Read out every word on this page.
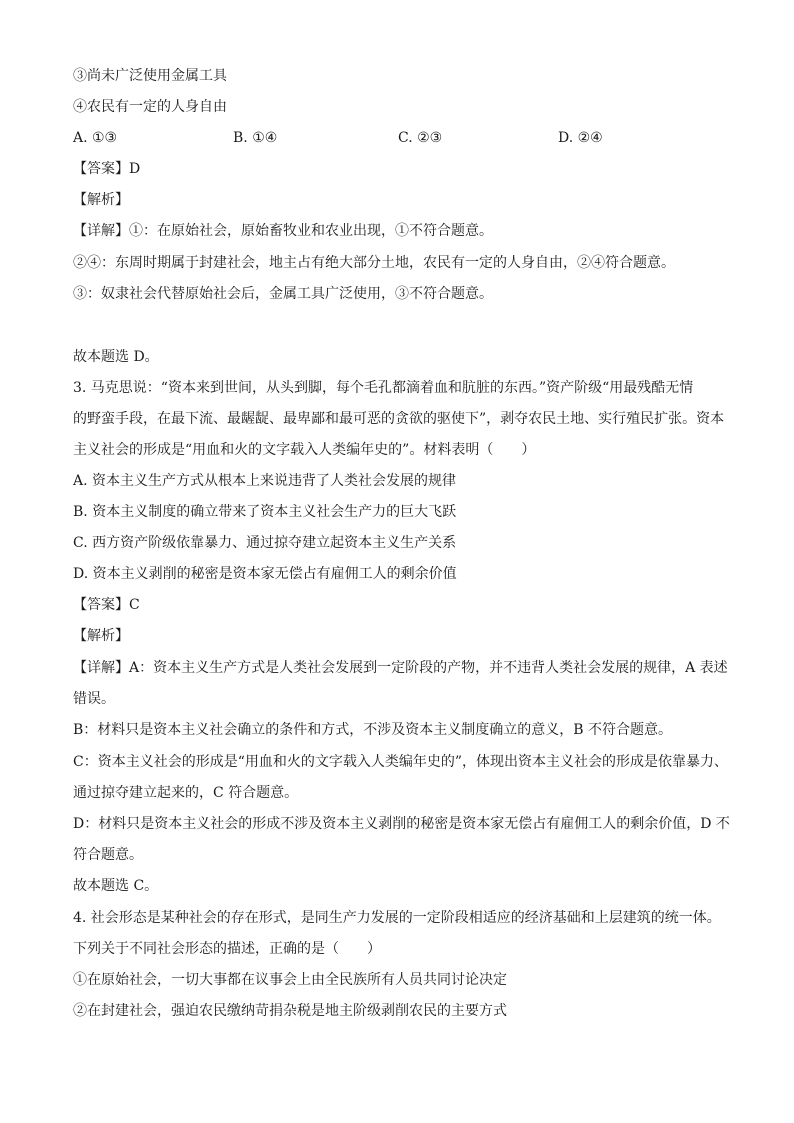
③尚未广泛使用金属工具
④农民有一定的人身自由
A. ①③	B. ①④	C. ②③	D. ②④
【答案】D
【解析】
【详解】①：在原始社会，原始畜牧业和农业出现，①不符合题意。
②④：东周时期属于封建社会，地主占有绝大部分土地，农民有一定的人身自由，②④符合题意。
③：奴隶社会代替原始社会后，金属工具广泛使用，③不符合题意。
故本题选 D。
3. 马克思说：“资本来到世间，从头到脚，每个毛孔都滴着血和肮脏的东西。”资产阶级“用最残酷无情
的野蛮手段，在最下流、最龌龊、最卑鄙和最可恶的贪欲的驱使下”，剥夺农民土地、实行殖民扩张。资本
主义社会的形成是“用血和火的文字载入人类编年史的”。材料表明（　　）
A. 资本主义生产方式从根本上来说违背了人类社会发展的规律
B. 资本主义制度的确立带来了资本主义社会生产力的巨大飞跃
C. 西方资产阶级依靠暴力、通过掠夺建立起资本主义生产关系
D. 资本主义剥削的秘密是资本家无偿占有雇佣工人的剩余价值
【答案】C
【解析】
【详解】A：资本主义生产方式是人类社会发展到一定阶段的产物，并不违背人类社会发展的规律，A 表述
错误。
B：材料只是资本主义社会确立的条件和方式，不涉及资本主义制度确立的意义，B 不符合题意。
C：资本主义社会的形成是“用血和火的文字载入人类编年史的”，体现出资本主义社会的形成是依靠暴力、
通过掠夺建立起来的，C 符合题意。
D：材料只是资本主义社会的形成不涉及资本主义剥削的秘密是资本家无偿占有雇佣工人的剩余价值，D 不
符合题意。
故本题选 C。
4. 社会形态是某种社会的存在形式，是同生产力发展的一定阶段相适应的经济基础和上层建筑的统一体。
下列关于不同社会形态的描述，正确的是（　　）
①在原始社会，一切大事都在议事会上由全民族所有人员共同讨论决定
②在封建社会，强迫农民缴纳苛捐杂税是地主阶级剥削农民的主要方式
